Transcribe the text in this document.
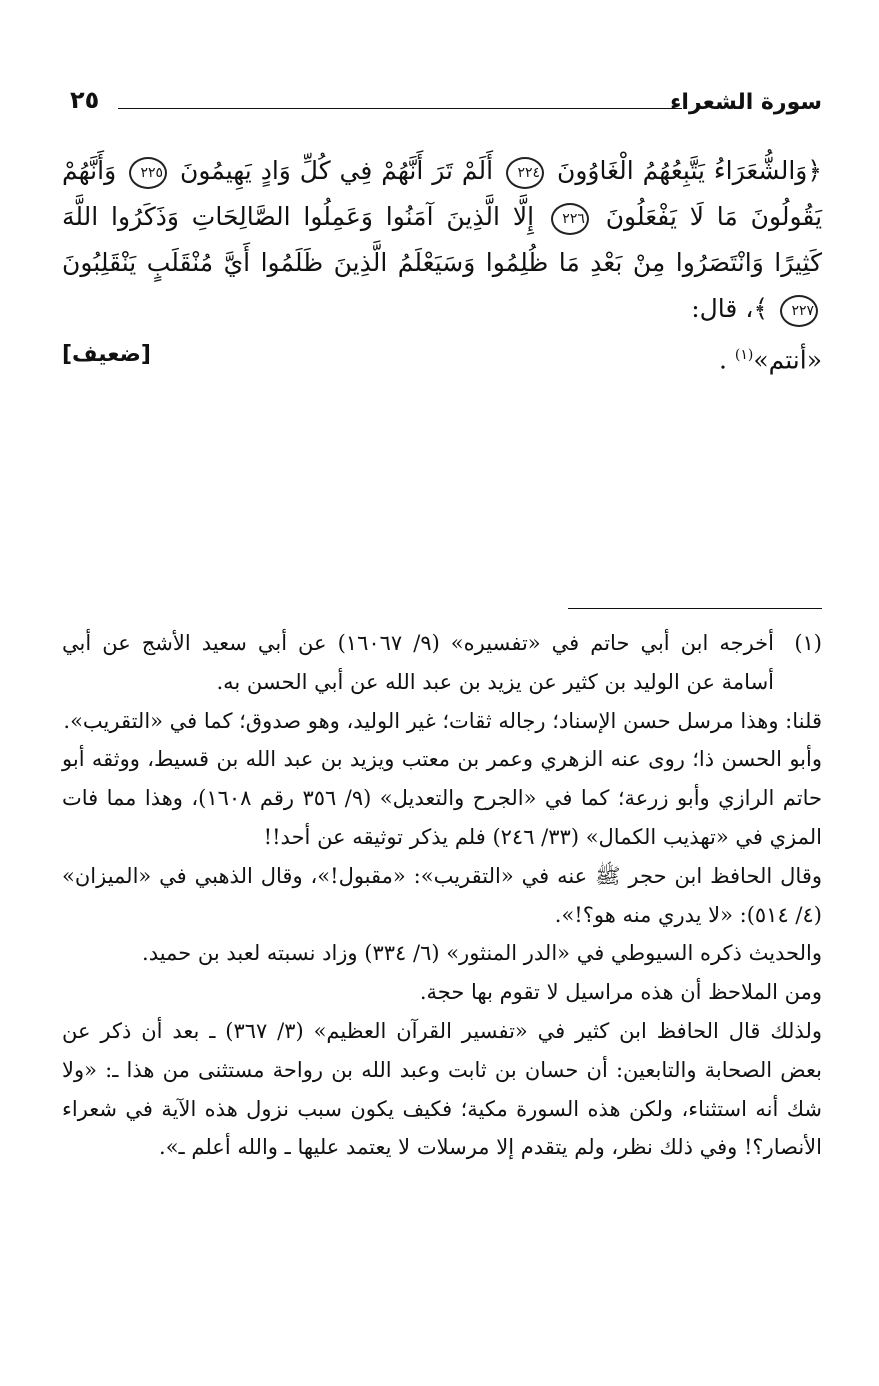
سورة الشعراء
٢٥
﴿وَالشُّعَرَاءُ يَتَّبِعُهُمُ الْغَاوُونَ ٢٢٤ أَلَمْ تَرَ أَنَّهُمْ فِي كُلِّ وَادٍ يَهِيمُونَ ٢٢٥ وَأَنَّهُمْ يَقُولُونَ مَا لَا يَفْعَلُونَ ٢٢٦ إِلَّا الَّذِينَ آمَنُوا وَعَمِلُوا الصَّالِحَاتِ وَذَكَرُوا اللَّهَ كَثِيرًا وَانْتَصَرُوا مِنْ بَعْدِ مَا ظُلِمُوا وَسَيَعْلَمُ الَّذِينَ ظَلَمُوا أَيَّ مُنْقَلَبٍ يَنْقَلِبُونَ ٢٢٧ ﴾، قال:
«أنتم»$^{(١)}$ .
[ضعيف]
(١)

أخرجه ابن أبي حاتم في «تفسيره» (٩/ ١٦٠٦٧) عن أبي سعيد الأشج عن أبي أسامة عن الوليد بن كثير عن يزيد بن عبد الله عن أبي الحسن به.

قلنا: وهذا مرسل حسن الإسناد؛ رجاله ثقات؛ غير الوليد، وهو صدوق؛ كما في «التقريب».

وأبو الحسن ذا؛ روى عنه الزهري وعمر بن معتب ويزيد بن عبد الله بن قسيط، ووثقه أبو حاتم الرازي وأبو زرعة؛ كما في «الجرح والتعديل» (٩/ ٣٥٦ رقم ١٦٠٨)، وهذا مما فات المزي في «تهذيب الكمال» (٣٣/ ٢٤٦) فلم يذكر توثيقه عن أحد!!

وقال الحافظ ابن حجر ﷺ عنه في «التقريب»: «مقبول!»، وقال الذهبي في «الميزان» (٤/ ٥١٤): «لا يدري منه هو؟!».

والحديث ذكره السيوطي في «الدر المنثور» (٦/ ٣٣٤) وزاد نسبته لعبد بن حميد.

ومن الملاحظ أن هذه مراسيل لا تقوم بها حجة.

ولذلك قال الحافظ ابن كثير في «تفسير القرآن العظيم» (٣/ ٣٦٧) ـ بعد أن ذكر عن بعض الصحابة والتابعين: أن حسان بن ثابت وعبد الله بن رواحة مستثنى من هذا ـ: «ولا شك أنه استثناء، ولكن هذه السورة مكية؛ فكيف يكون سبب نزول هذه الآية في شعراء الأنصار؟! وفي ذلك نظر، ولم يتقدم إلا مرسلات لا يعتمد عليها ـ والله أعلم ـ».
